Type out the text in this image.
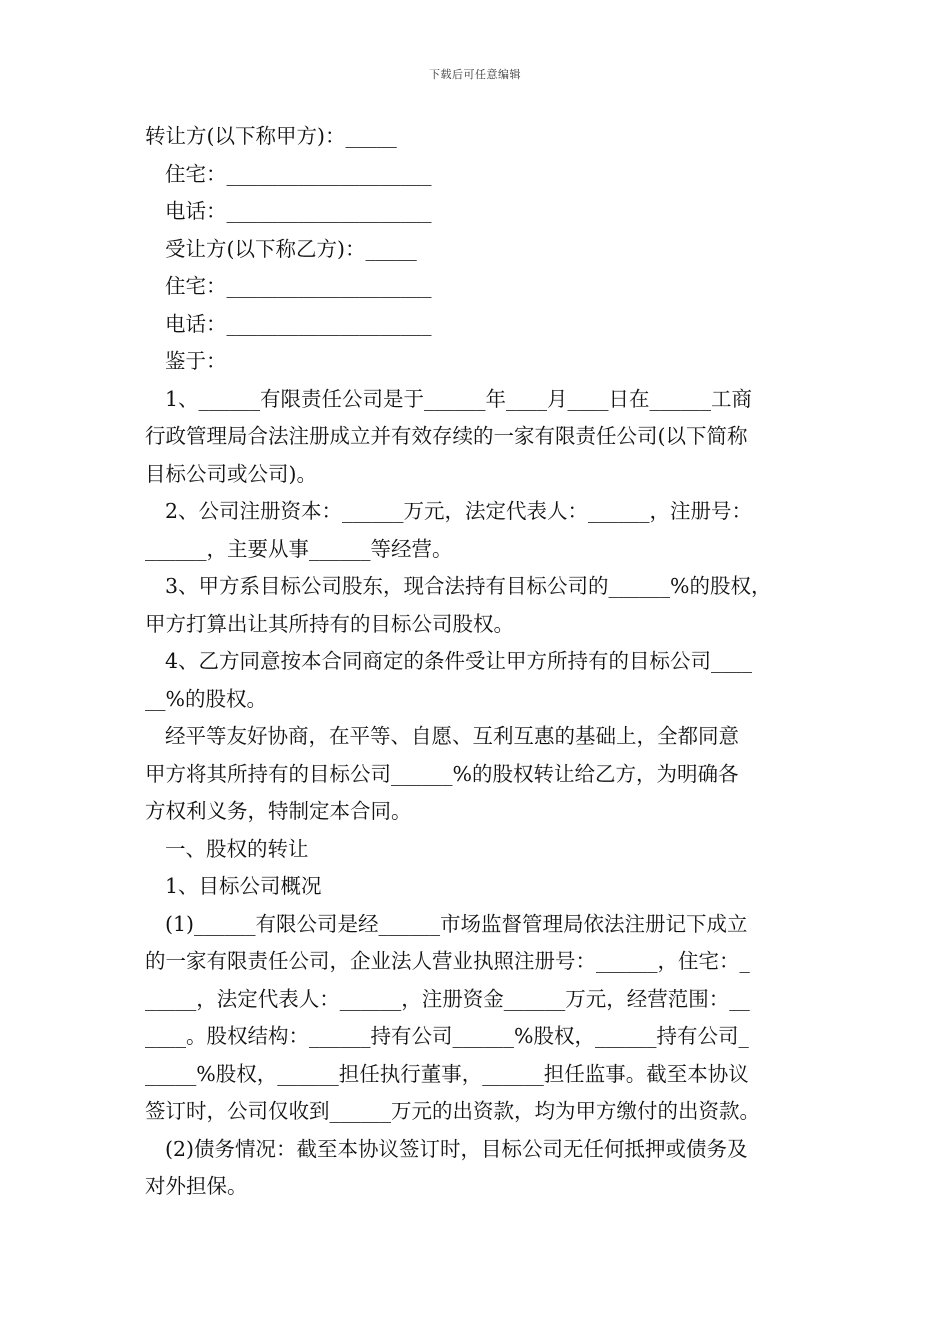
下载后可任意编辑

转让方(以下称甲方)：_____

住宅：____________________

电话：____________________

受让方(以下称乙方)：_____

住宅：____________________

电话：____________________

鉴于：

1、______有限责任公司是于______年____月____日在______工商

行政管理局合法注册成立并有效存续的一家有限责任公司(以下简称

目标公司或公司)。

2、公司注册资本：______万元，法定代表人：______，注册号：

______，主要从事______等经营。

3、甲方系目标公司股东，现合法持有目标公司的______%的股权，

甲方打算出让其所持有的目标公司股权。

4、乙方同意按本合同商定的条件受让甲方所持有的目标公司____

__%的股权。

经平等友好协商，在平等、自愿、互利互惠的基础上，全都同意

甲方将其所持有的目标公司______%的股权转让给乙方，为明确各

方权利义务，特制定本合同。

一、股权的转让

1、目标公司概况

(1)______有限公司是经______市场监督管理局依法注册记下成立

的一家有限责任公司，企业法人营业执照注册号：______，住宅：_

_____，法定代表人：______，注册资金______万元，经营范围：__

____。股权结构：______持有公司______%股权，______持有公司_

_____%股权，______担任执行董事，______担任监事。截至本协议

签订时，公司仅收到______万元的出资款，均为甲方缴付的出资款。

(2)债务情况：截至本协议签订时，目标公司无任何抵押或债务及

对外担保。
